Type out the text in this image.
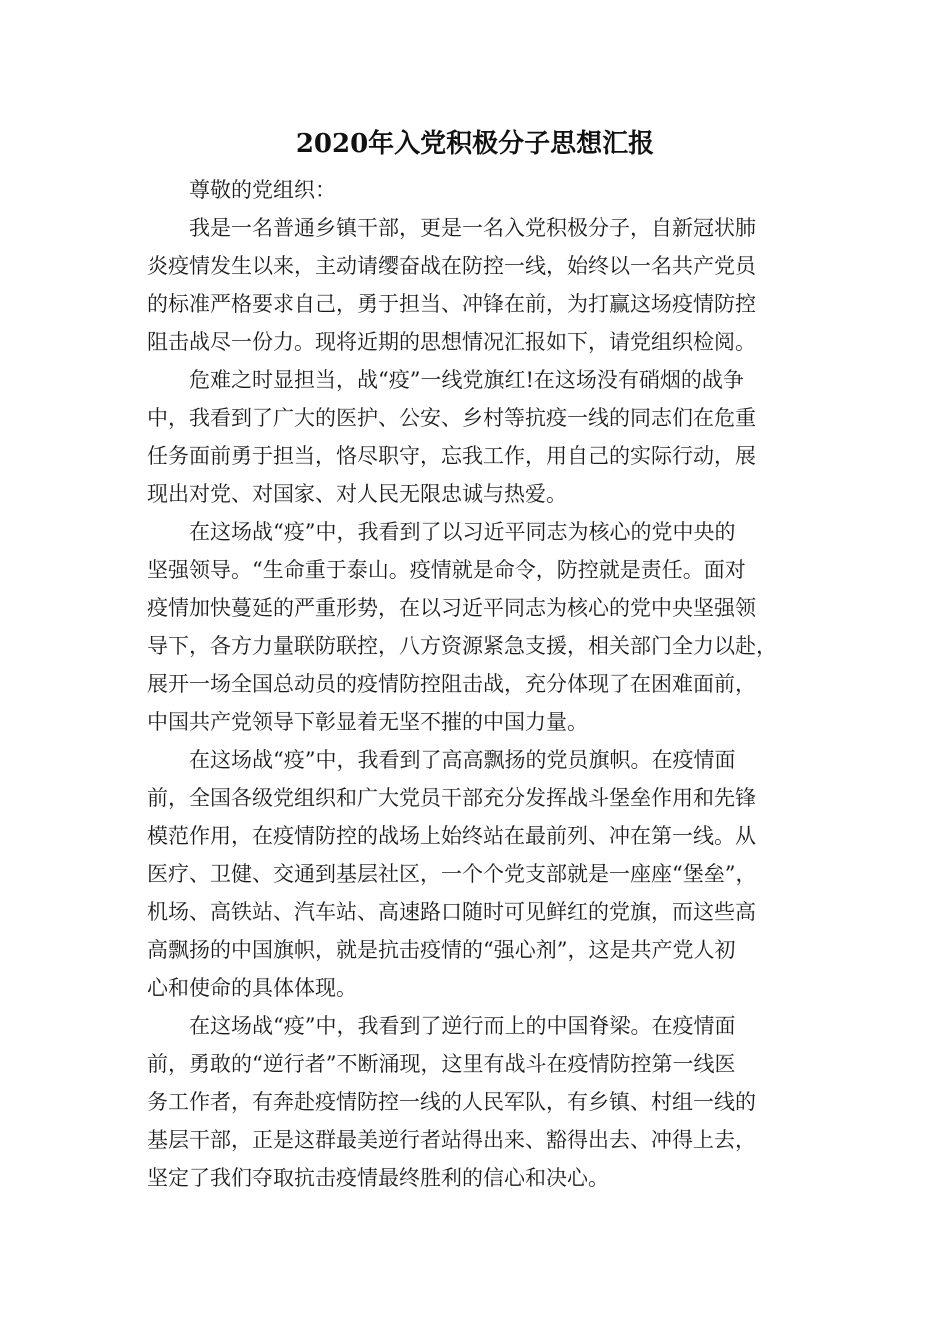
2020年入党积极分子思想汇报
尊敬的党组织：
我是一名普通乡镇干部，更是一名入党积极分子，自新冠状肺
炎疫情发生以来，主动请缨奋战在防控一线，始终以一名共产党员
的标准严格要求自己，勇于担当、冲锋在前，为打赢这场疫情防控
阻击战尽一份力。现将近期的思想情况汇报如下，请党组织检阅。
危难之时显担当，战“疫”一线党旗红!在这场没有硝烟的战争
中，我看到了广大的医护、公安、乡村等抗疫一线的同志们在危重
任务面前勇于担当，恪尽职守，忘我工作，用自己的实际行动，展
现出对党、对国家、对人民无限忠诚与热爱。
在这场战“疫”中，我看到了以习近平同志为核心的党中央的
坚强领导。“生命重于泰山。疫情就是命令，防控就是责任。面对
疫情加快蔓延的严重形势，在以习近平同志为核心的党中央坚强领
导下，各方力量联防联控，八方资源紧急支援，相关部门全力以赴，
展开一场全国总动员的疫情防控阻击战，充分体现了在困难面前，
中国共产党领导下彰显着无坚不摧的中国力量。
在这场战“疫”中，我看到了高高飘扬的党员旗帜。在疫情面
前，全国各级党组织和广大党员干部充分发挥战斗堡垒作用和先锋
模范作用，在疫情防控的战场上始终站在最前列、冲在第一线。从
医疗、卫健、交通到基层社区，一个个党支部就是一座座“堡垒”，
机场、高铁站、汽车站、高速路口随时可见鲜红的党旗，而这些高
高飘扬的中国旗帜，就是抗击疫情的“强心剂”，这是共产党人初
心和使命的具体体现。
在这场战“疫”中，我看到了逆行而上的中国脊梁。在疫情面
前，勇敢的“逆行者”不断涌现，这里有战斗在疫情防控第一线医
务工作者，有奔赴疫情防控一线的人民军队，有乡镇、村组一线的
基层干部，正是这群最美逆行者站得出来、豁得出去、冲得上去，
坚定了我们夺取抗击疫情最终胜利的信心和决心。
